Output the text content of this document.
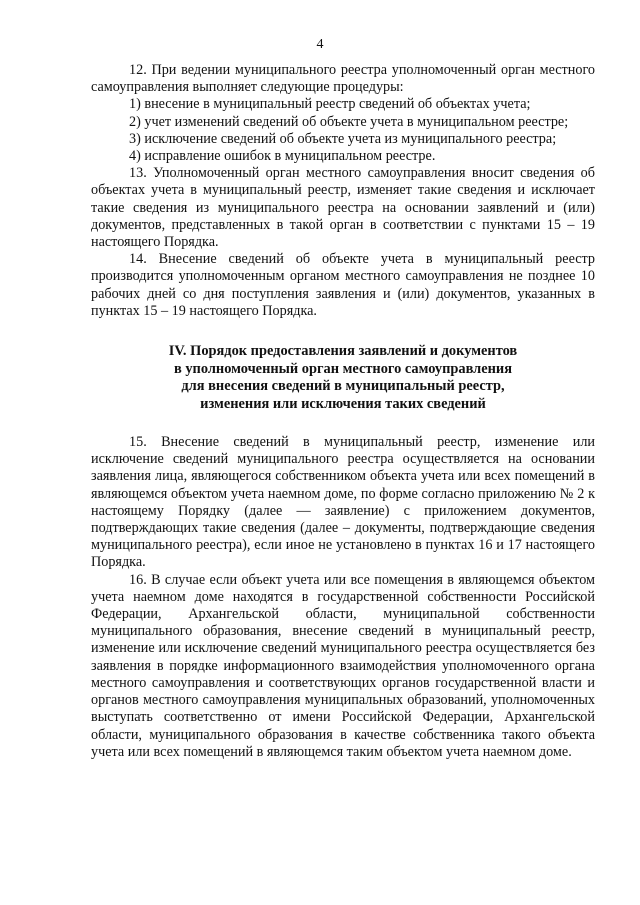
4

12. При ведении муниципального реестра уполномоченный орган местного самоуправления выполняет следующие процедуры:

1) внесение в муниципальный реестр сведений об объектах учета;

2) учет изменений сведений об объекте учета в муниципальном реестре;

3) исключение сведений об объекте учета из муниципального реестра;

4) исправление ошибок в муниципальном реестре.

13. Уполномоченный орган местного самоуправления вносит сведения об объектах учета в муниципальный реестр, изменяет такие сведения и исключает такие сведения из муниципального реестра на основании заявлений и (или) документов, представленных в такой орган в соответствии с пунктами 15 – 19 настоящего Порядка.

14. Внесение сведений об объекте учета в муниципальный реестр производится уполномоченным органом местного самоуправления не позднее 10 рабочих дней со дня поступления заявления и (или) документов, указанных в пунктах 15 – 19 настоящего Порядка.

IV. Порядок предоставления заявлений и документов
в уполномоченный орган местного самоуправления
для внесения сведений в муниципальный реестр,
изменения или исключения таких сведений

15. Внесение сведений в муниципальный реестр, изменение или исключение сведений муниципального реестра осуществляется на основании заявления лица, являющегося собственником объекта учета или всех помещений в являющемся объектом учета наемном доме, по форме согласно приложению № 2 к настоящему Порядку (далее — заявление) с приложением документов, подтверждающих такие сведения (далее – документы, подтверждающие сведения муниципального реестра), если иное не установлено в пунктах 16 и 17 настоящего Порядка.

16. В случае если объект учета или все помещения в являющемся объектом учета наемном доме находятся в государственной собственности Российской Федерации, Архангельской области, муниципальной собственности муниципального образования, внесение сведений в муниципальный реестр, изменение или исключение сведений муниципального реестра осуществляется без заявления в порядке информационного взаимодействия уполномоченного органа местного самоуправления и соответствующих органов государственной власти и органов местного самоуправления муниципальных образований, уполномоченных выступать соответственно от имени Российской Федерации, Архангельской области, муниципального образования в качестве собственника такого объекта учета или всех помещений в являющемся таким объектом учета наемном доме.
